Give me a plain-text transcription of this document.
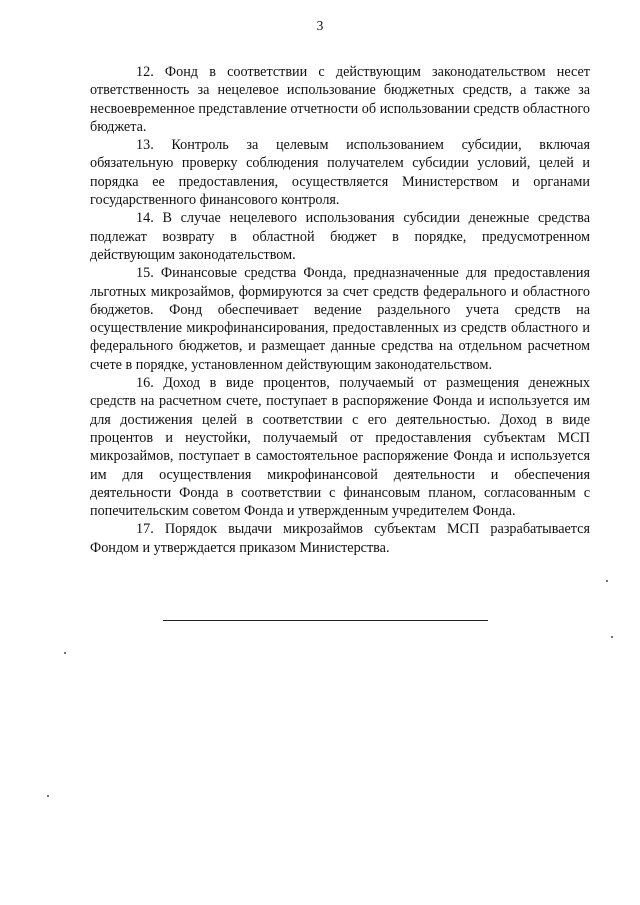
3

12. Фонд в соответствии с действующим законодательством несет ответственность за нецелевое использование бюджетных средств, а также за несвоевременное представление отчетности об использовании средств областного бюджета.

13. Контроль за целевым использованием субсидии, включая обязательную проверку соблюдения получателем субсидии условий, целей и порядка ее предоставления, осуществляется Министерством и органами государственного финансового контроля.

14. В случае нецелевого использования субсидии денежные средства подлежат возврату в областной бюджет в порядке, предусмотренном действующим законодательством.

15. Финансовые средства Фонда, предназначенные для предоставления льготных микрозаймов, формируются за счет средств федерального и областного бюджетов. Фонд обеспечивает ведение раздельного учета средств на осуществление микрофинансирования, предоставленных из средств областного и федерального бюджетов, и размещает данные средства на отдельном расчетном счете в порядке, установленном действующим законодательством.

16. Доход в виде процентов, получаемый от размещения денежных средств на расчетном счете, поступает в распоряжение Фонда и используется им для достижения целей в соответствии с его деятельностью. Доход в виде процентов и неустойки, получаемый от предоставления субъектам МСП микрозаймов, поступает в самостоятельное распоряжение Фонда и используется им для осуществления микрофинансовой деятельности и обеспечения деятельности Фонда в соответствии с финансовым планом, согласованным с попечительским советом Фонда и утвержденным учредителем Фонда.

17. Порядок выдачи микрозаймов субъектам МСП разрабатывается Фондом и утверждается приказом Министерства.
